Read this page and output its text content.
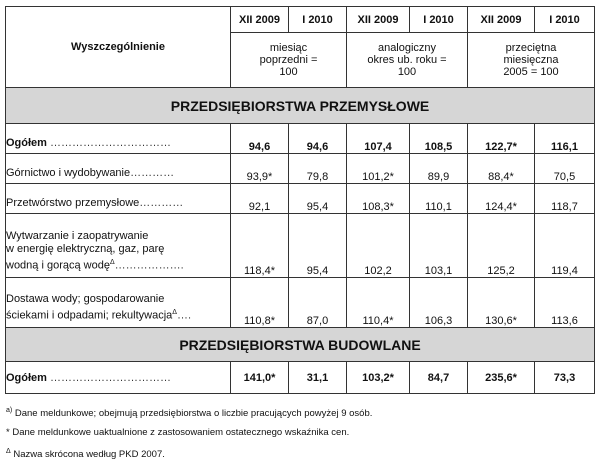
Wyszczególnienie	XII 2009	I 2010	XII 2009	I 2010	XII 2009	I 2010
	miesiąc poprzedni = 100		analogiczny okres ub. roku = 100		przeciętna miesięczna 2005 = 100	
PRZEDSIĘBIORSTWA PRZEMYSŁOWE						
Ogółem ……………………………	94,6	94,6	107,4	108,5	122,7*	116,1
Górnictwo i wydobywanie…………	93,9*	79,8	101,2*	89,9	88,4*	70,5
Przetwórstwo przemysłowe…………	92,1	95,4	108,3*	110,1	124,4*	118,7

Wytwarzanie i zaopatrywanie
w energię elektryczną, gaz, parę
wodną i gorącą wodę$^\Delta$……………….	118,4*	95,4	102,2	103,1	125,2	119,4

Dostawa wody; gospodarowanie
ściekami i odpadami; rekultywacja$^\Delta$….	110,8*	87,0	110,4*	106,3	130,6*	113,6
PRZEDSIĘBIORSTWA BUDOWLANE						
Ogółem ……………………………	141,0*	31,1	103,2*	84,7	235,6*	73,3
$^{a)}$ Dane meldunkowe; obejmują przedsiębiorstwa o liczbie pracujących powyżej 9 osób.
* Dane meldunkowe uaktualnione z zastosowaniem ostatecznego wskaźnika cen.
$^\Delta$ Nazwa skrócona według PKD 2007.
